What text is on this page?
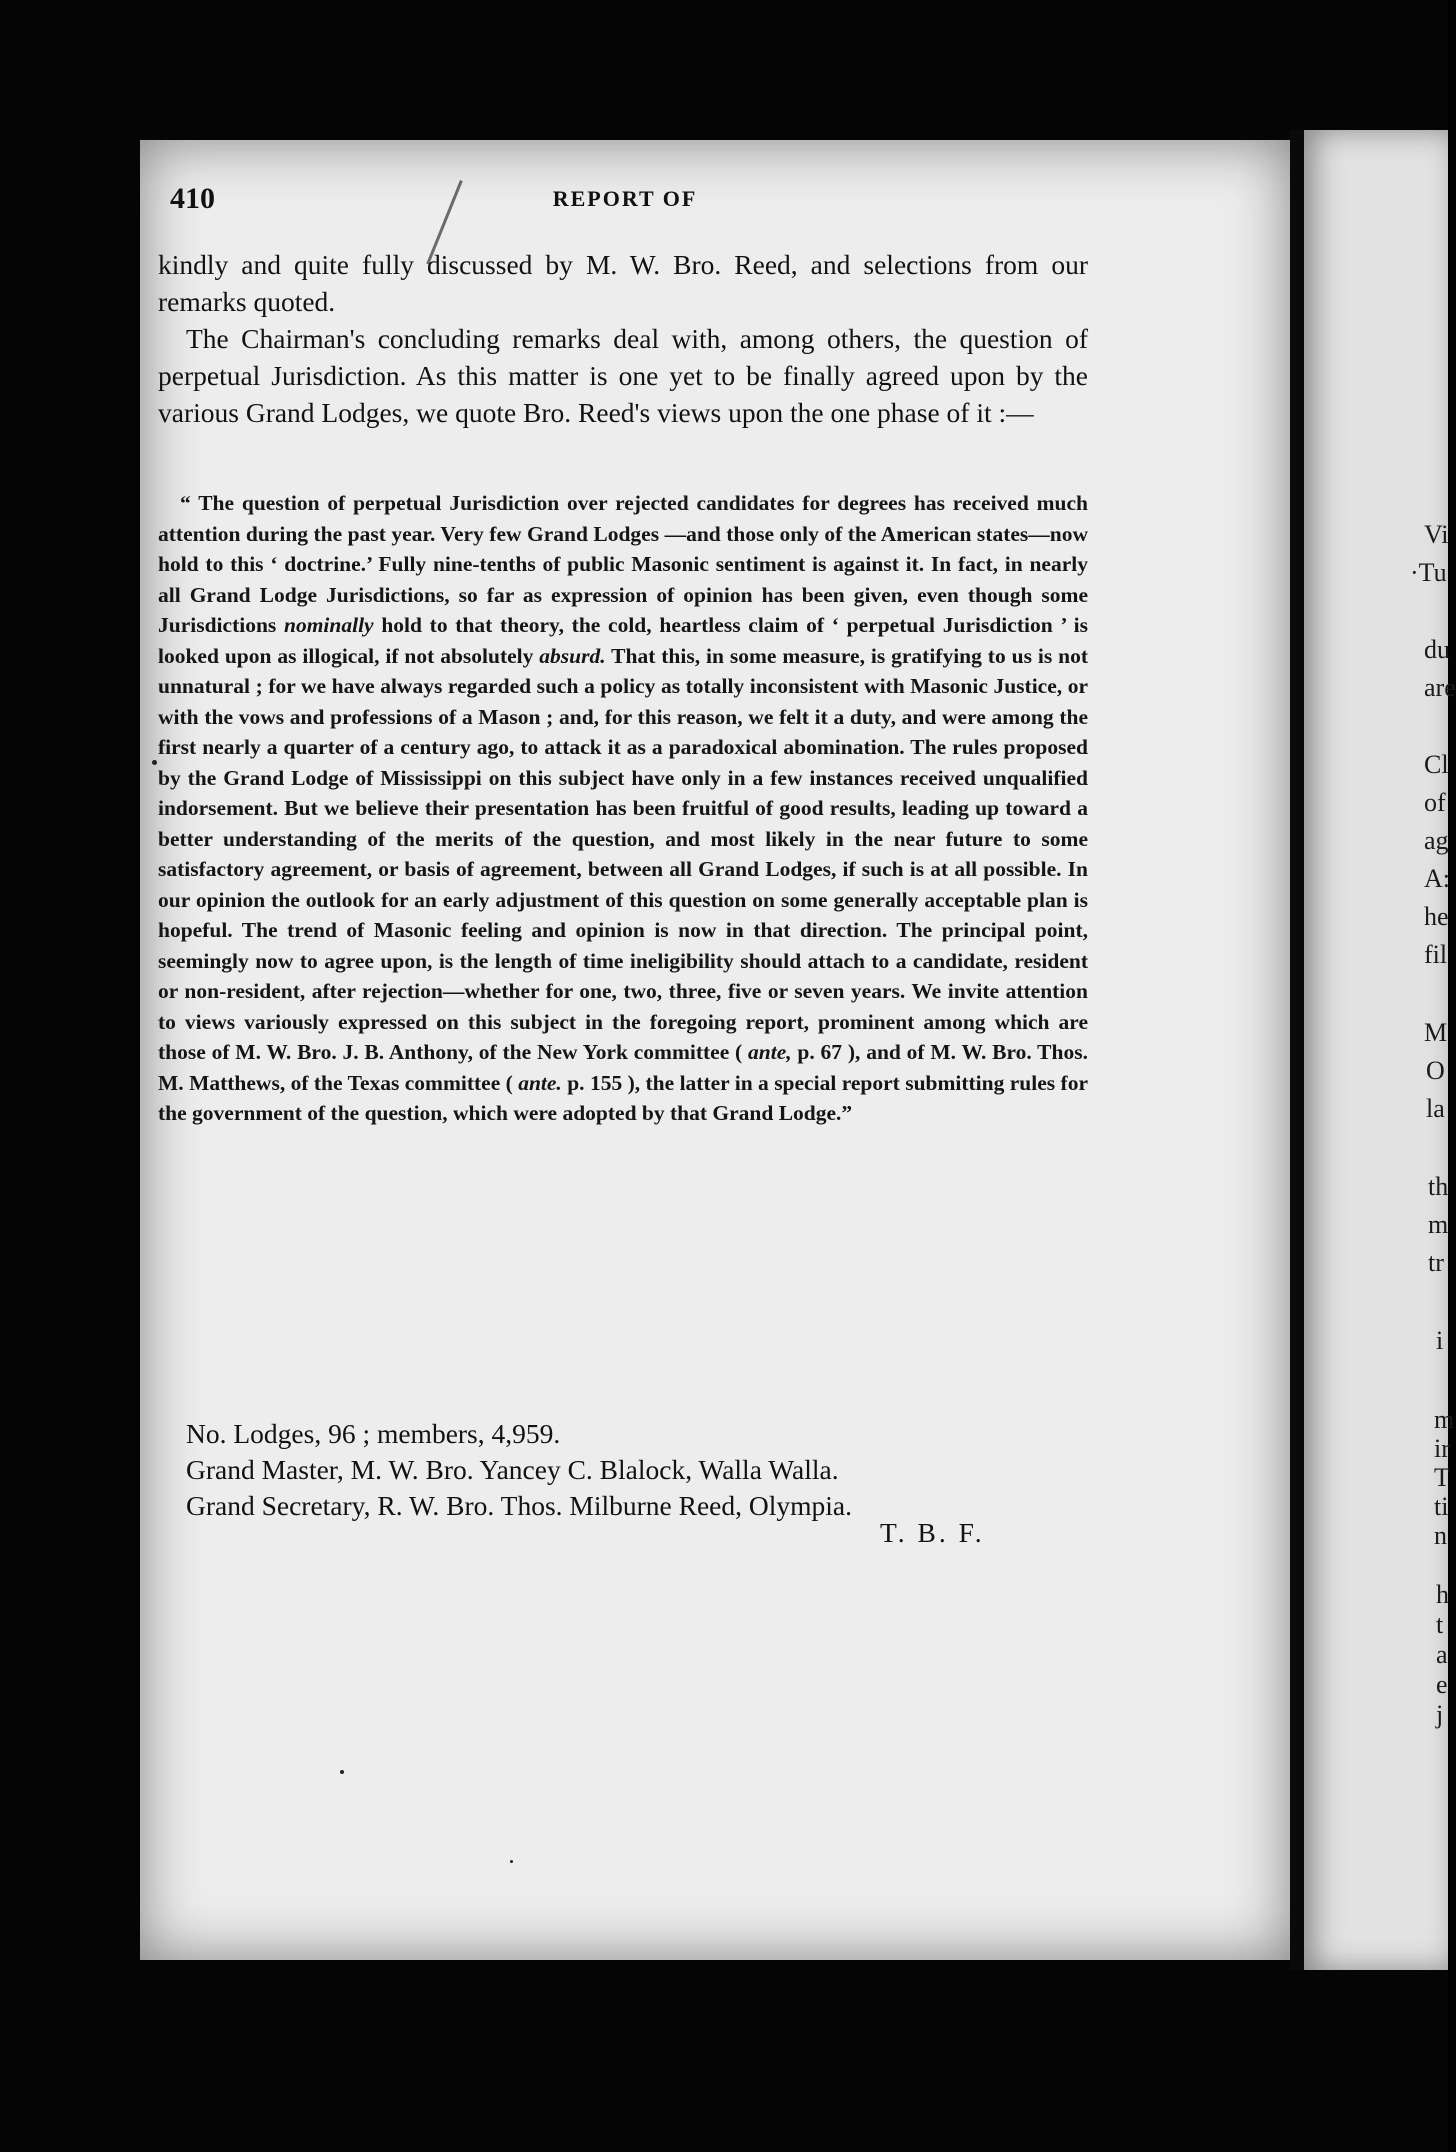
Vi
·Tu
du
are
Cl
of
ag
A:
he
fil
M
O
la
th
m
tr
i
m
ir
T
ti
n
h
t
a
e
j
410	REPORT OF

kindly and quite fully discussed by M. W. Bro. Reed, and selections from our remarks quoted.

The Chairman's concluding remarks deal with, among others, the question of perpetual Jurisdiction. As this matter is one yet to be finally agreed upon by the various Grand Lodges, we quote Bro. Reed's views upon the one phase of it :—

“ The question of perpetual Jurisdiction over rejected candidates for degrees has received much attention during the past year. Very few Grand Lodges —and those only of the American states—now hold to this ‘ doctrine.’ Fully nine-tenths of public Masonic sentiment is against it. In fact, in nearly all Grand Lodge Jurisdictions, so far as expression of opinion has been given, even though some Jurisdictions nominally hold to that theory, the cold, heartless claim of ‘ perpetual Jurisdiction ’ is looked upon as illogical, if not absolutely absurd. That this, in some measure, is gratifying to us is not unnatural ; for we have always regarded such a policy as totally inconsistent with Masonic Justice, or with the vows and professions of a Mason ; and, for this reason, we felt it a duty, and were among the first nearly a quarter of a century ago, to attack it as a paradoxical abomination. The rules proposed by the Grand Lodge of Mississippi on this subject have only in a few instances received unqualified indorsement. But we believe their presentation has been fruitful of good results, leading up toward a better understanding of the merits of the question, and most likely in the near future to some satisfactory agreement, or basis of agreement, between all Grand Lodges, if such is at all possible. In our opinion the outlook for an early adjustment of this question on some generally acceptable plan is hopeful. The trend of Masonic feeling and opinion is now in that direction. The principal point, seemingly now to agree upon, is the length of time ineligibility should attach to a candidate, resident or non-resident, after rejection—whether for one, two, three, five or seven years. We invite attention to views variously expressed on this subject in the foregoing report, prominent among which are those of M. W. Bro. J. B. Anthony, of the New York committee ( ante, p. 67 ), and of M. W. Bro. Thos. M. Matthews, of the Texas committee ( ante. p. 155 ), the latter in a special report submitting rules for the government of the question, which were adopted by that Grand Lodge.”
No. Lodges, 96 ; members, 4,959.
Grand Master, M. W. Bro. Yancey C. Blalock, Walla Walla.
Grand Secretary, R. W. Bro. Thos. Milburne Reed, Olympia.
T. B. F.
